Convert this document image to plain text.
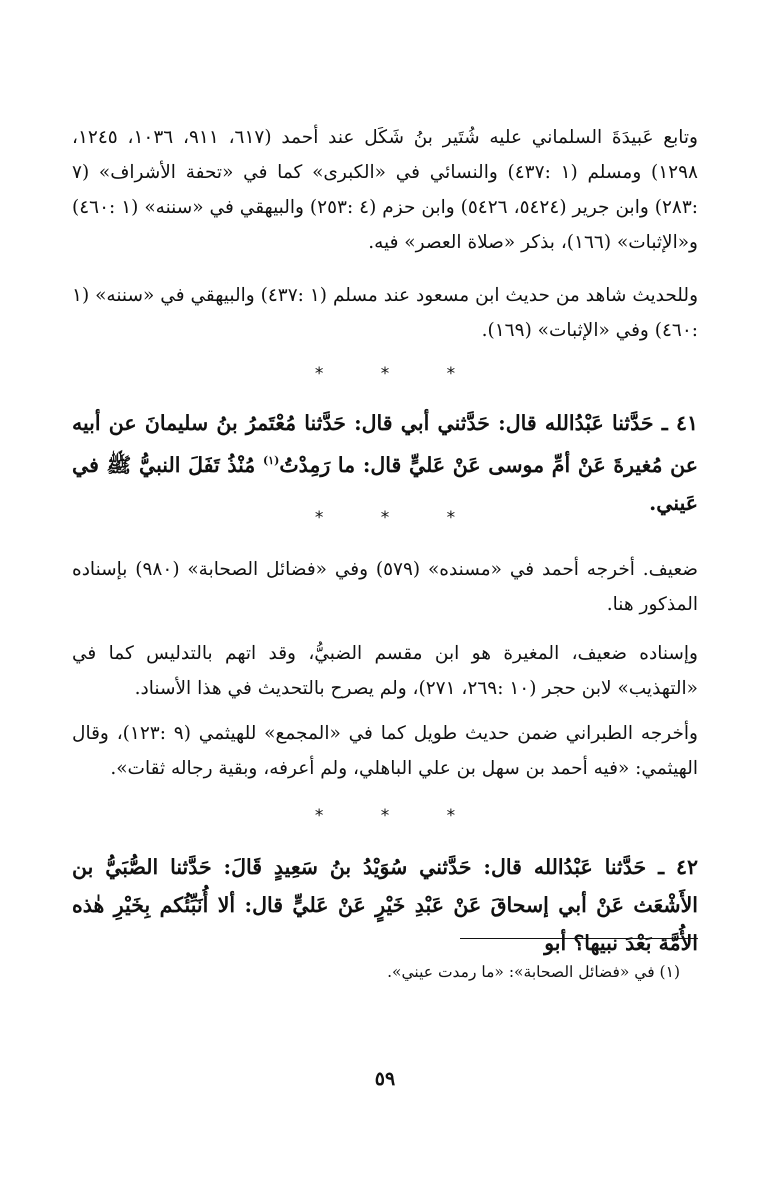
وتابع عَبيدَةَ السلماني عليه شُتَير بنُ شَكَل عند أحمد (٦١٧، ٩١١، ١٠٣٦، ١٢٤٥، ١٢٩٨) ومسلم (١ :٤٣٧) والنسائي في «الكبرى» كما في «تحفة الأشراف» (٧ :٢٨٣) وابن جرير (٥٤٢٤، ٥٤٢٦) وابن حزم (٤ :٢٥٣) والبيهقي في «سننه» (١ :٤٦٠) و«الإثبات» (١٦٦)، بذكر «صلاة العصر» فيه.

وللحديث شاهد من حديث ابن مسعود عند مسلم (١ :٤٣٧) والبيهقي في «سننه» (١ :٤٦٠) وفي «الإثبات» (١٦٩).

* * *

٤١ ـ حَدَّثنا عَبْدُالله قال: حَدَّثني أبي قال: حَدَّثنا مُعْتَمرُ بنُ سليمانَ عن أبيه عن مُغيرةَ عَنْ أمِّ موسى عَنْ عَليٍّ قال: ما رَمِدْتُ$^{(١)}$ مُنْذُ تَفَلَ النبيُّ ﷺ في عَيني.

* * *

ضعيف. أخرجه أحمد في «مسنده» (٥٧٩) وفي «فضائل الصحابة» (٩٨٠) بإسناده المذكور هنا.

وإسناده ضعيف، المغيرة هو ابن مقسم الضبيُّ، وقد اتهم بالتدليس كما في «التهذيب» لابن حجر (١٠ :٢٦٩، ٢٧١)، ولم يصرح بالتحديث في هذا الأسناد.

وأخرجه الطبراني ضمن حديث طويل كما في «المجمع» للهيثمي (٩ :١٢٣)، وقال الهيثمي: «فيه أحمد بن سهل بن علي الباهلي، ولم أعرفه، وبقية رجاله ثقات».

* * *

٤٢ ـ حَدَّثنا عَبْدُالله قال: حَدَّثني سُوَيْدُ بنُ سَعِيدٍ قَالَ: حَدَّثنا الصُّبَيُّ بن الأَشْعَث عَنْ أبي إسحاقَ عَنْ عَبْدِ خَيْرٍ عَنْ عَليٍّ قال: ألا أُنَبِّئُكم بِخَيْرِ هٰذه الأُمَّة بَعْدَ نبيها؟ أبو

(١) في «فضائل الصحابة»: «ما رمدت عيني».
٥٩
